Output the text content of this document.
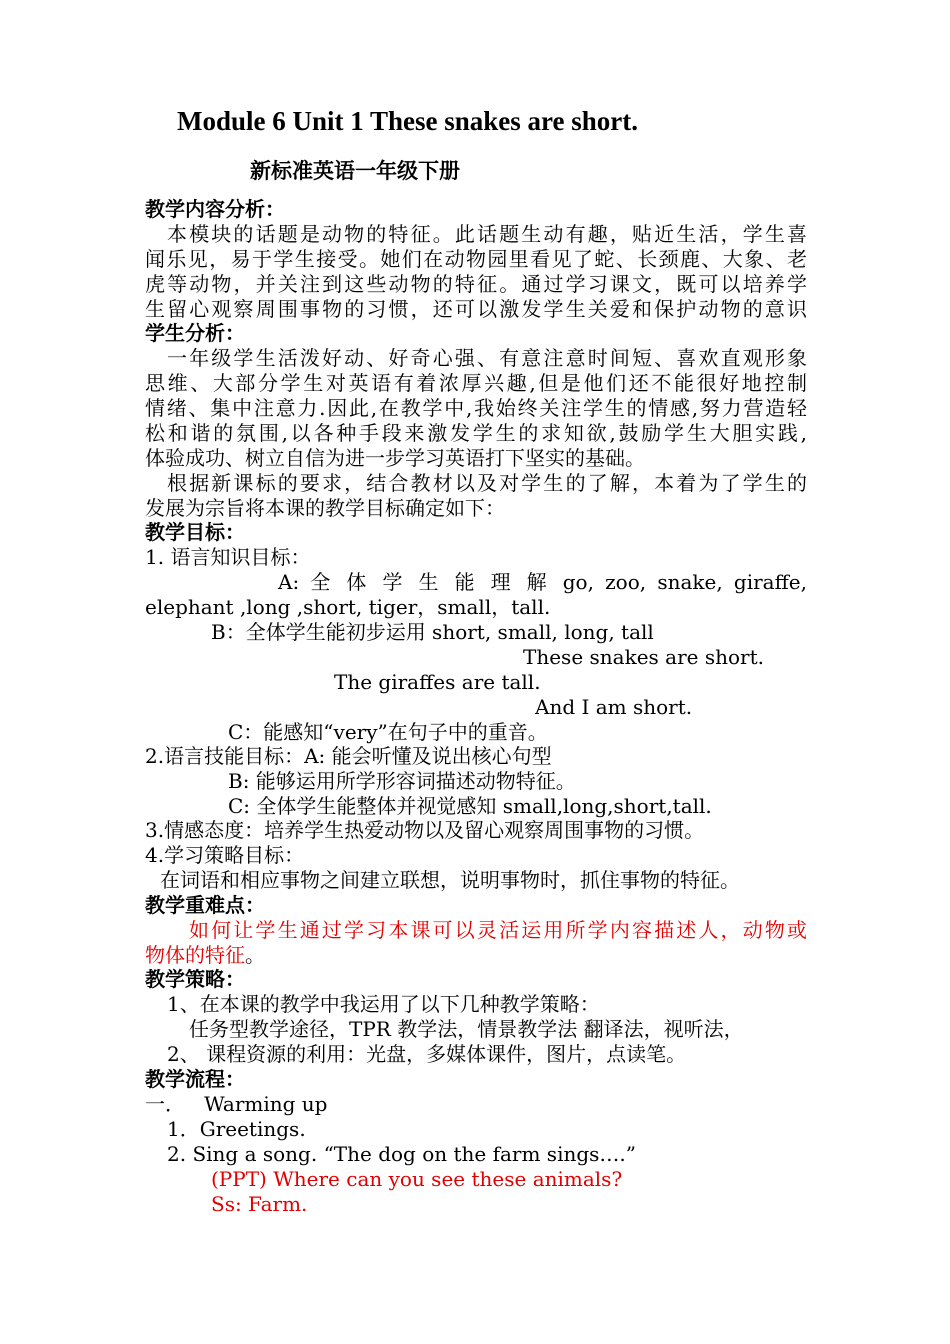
Module 6 Unit 1 These snakes are short.
新标准英语一年级下册
教学内容分析：
本模块的话题是动物的特征。此话题生动有趣，贴近生活，学生喜
闻乐见，易于学生接受。她们在动物园里看见了蛇、长颈鹿、大象、老
虎等动物，并关注到这些动物的特征。通过学习课文，既可以培养学
生留心观察周围事物的习惯，还可以激发学生关爱和保护动物的意识
学生分析：
一年级学生活泼好动、好奇心强、有意注意时间短、喜欢直观形象
思维、大部分学生对英语有着浓厚兴趣,但是他们还不能很好地控制
情绪、集中注意力.因此,在教学中,我始终关注学生的情感,努力营造轻
松和谐的氛围,以各种手段来激发学生的求知欲,鼓励学生大胆实践,
体验成功、树立自信为进一步学习英语打下坚实的基础。
根据新课标的要求，结合教材以及对学生的了解，本着为了学生的
发展为宗旨将本课的教学目标确定如下：
教学目标：
1. 语言知识目标：
A: 全 体 学 生 能 理 解 go, zoo, snake, giraffe,
elephant ,long ,short, tiger，small，tall.
B：全体学生能初步运用 short, small, long, tall
These snakes are short.
The giraffes are tall.
And I am short.
C：能感知“very”在句子中的重音。
2.语言技能目标：A: 能会听懂及说出核心句型
B: 能够运用所学形容词描述动物特征。
C: 全体学生能整体并视觉感知 small,long,short,tall.
3.情感态度：培养学生热爱动物以及留心观察周围事物的习惯。
4.学习策略目标：
在词语和相应事物之间建立联想，说明事物时，抓住事物的特征。
教学重难点：
如何让学生通过学习本课可以灵活运用所学内容描述人，动物或
物体的特征。
教学策略：
1、在本课的教学中我运用了以下几种教学策略：
任务型教学途径，TPR 教学法，情景教学法 翻译法，视听法，
2、 课程资源的利用：光盘，多媒体课件，图片，点读笔。
教学流程：
一．   Warming up
1．Greetings.
2. Sing a song. “The dog on the farm sings….”
(PPT) Where can you see these animals?
Ss: Farm.
